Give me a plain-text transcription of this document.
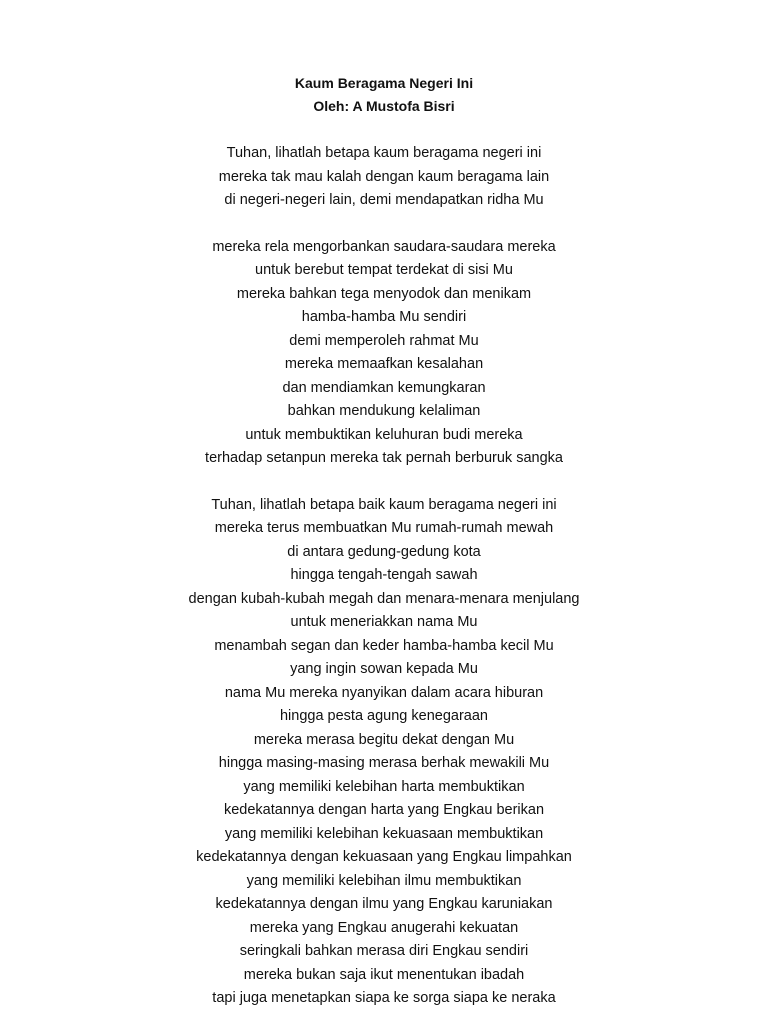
Kaum Beragama Negeri Ini
Oleh: A Mustofa Bisri
Tuhan, lihatlah betapa kaum beragama negeri ini
mereka tak mau kalah dengan kaum beragama lain
di negeri-negeri lain, demi mendapatkan ridha Mu
mereka rela mengorbankan saudara-saudara mereka
untuk berebut tempat terdekat di sisi Mu
mereka bahkan tega menyodok dan menikam
hamba-hamba Mu sendiri
demi memperoleh rahmat Mu
mereka memaafkan kesalahan
dan mendiamkan kemungkaran
bahkan mendukung kelaliman
untuk membuktikan keluhuran budi mereka
terhadap setanpun mereka tak pernah berburuk sangka
Tuhan, lihatlah betapa baik kaum beragama negeri ini
mereka terus membuatkan Mu rumah-rumah mewah
di antara gedung-gedung kota
hingga tengah-tengah sawah
dengan kubah-kubah megah dan menara-menara menjulang
untuk meneriakkan nama Mu
menambah segan dan keder hamba-hamba kecil Mu
yang ingin sowan kepada Mu
nama Mu mereka nyanyikan dalam acara hiburan
hingga pesta agung kenegaraan
mereka merasa begitu dekat dengan Mu
hingga masing-masing merasa berhak mewakili Mu
yang memiliki kelebihan harta membuktikan
kedekatannya dengan harta yang Engkau berikan
yang memiliki kelebihan kekuasaan membuktikan
kedekatannya dengan kekuasaan yang Engkau limpahkan
yang memiliki kelebihan ilmu membuktikan
kedekatannya dengan ilmu yang Engkau karuniakan
mereka yang Engkau anugerahi kekuatan
seringkali bahkan merasa diri Engkau sendiri
mereka bukan saja ikut menentukan ibadah
tapi juga menetapkan siapa ke sorga siapa ke neraka
